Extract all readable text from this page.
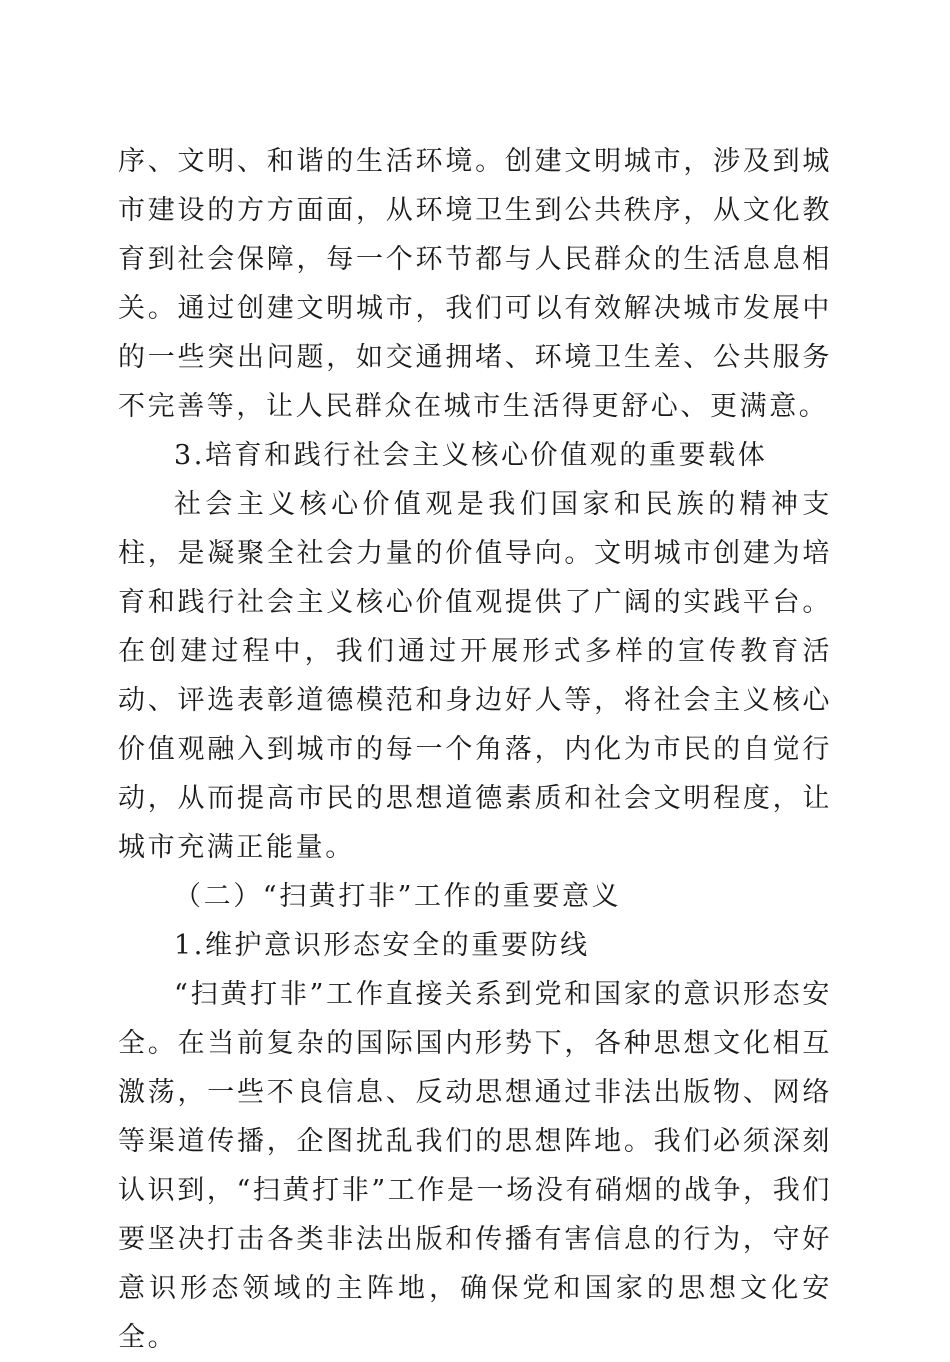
序、文明、和谐的生活环境。创建文明城市，涉及到城市建设的方方面面，从环境卫生到公共秩序，从文化教育到社会保障，每一个环节都与人民群众的生活息息相关。通过创建文明城市，我们可以有效解决城市发展中的一些突出问题，如交通拥堵、环境卫生差、公共服务不完善等，让人民群众在城市生活得更舒心、更满意。

3.培育和践行社会主义核心价值观的重要载体

社会主义核心价值观是我们国家和民族的精神支柱，是凝聚全社会力量的价值导向。文明城市创建为培育和践行社会主义核心价值观提供了广阔的实践平台。在创建过程中，我们通过开展形式多样的宣传教育活动、评选表彰道德模范和身边好人等，将社会主义核心价值观融入到城市的每一个角落，内化为市民的自觉行动，从而提高市民的思想道德素质和社会文明程度，让城市充满正能量。

（二）“扫黄打非”工作的重要意义

1.维护意识形态安全的重要防线

“扫黄打非”工作直接关系到党和国家的意识形态安全。在当前复杂的国际国内形势下，各种思想文化相互激荡，一些不良信息、反动思想通过非法出版物、网络等渠道传播，企图扰乱我们的思想阵地。我们必须深刻认识到，“扫黄打非”工作是一场没有硝烟的战争，我们要坚决打击各类非法出版和传播有害信息的行为，守好意识形态领域的主阵地，确保党和国家的思想文化安全。
